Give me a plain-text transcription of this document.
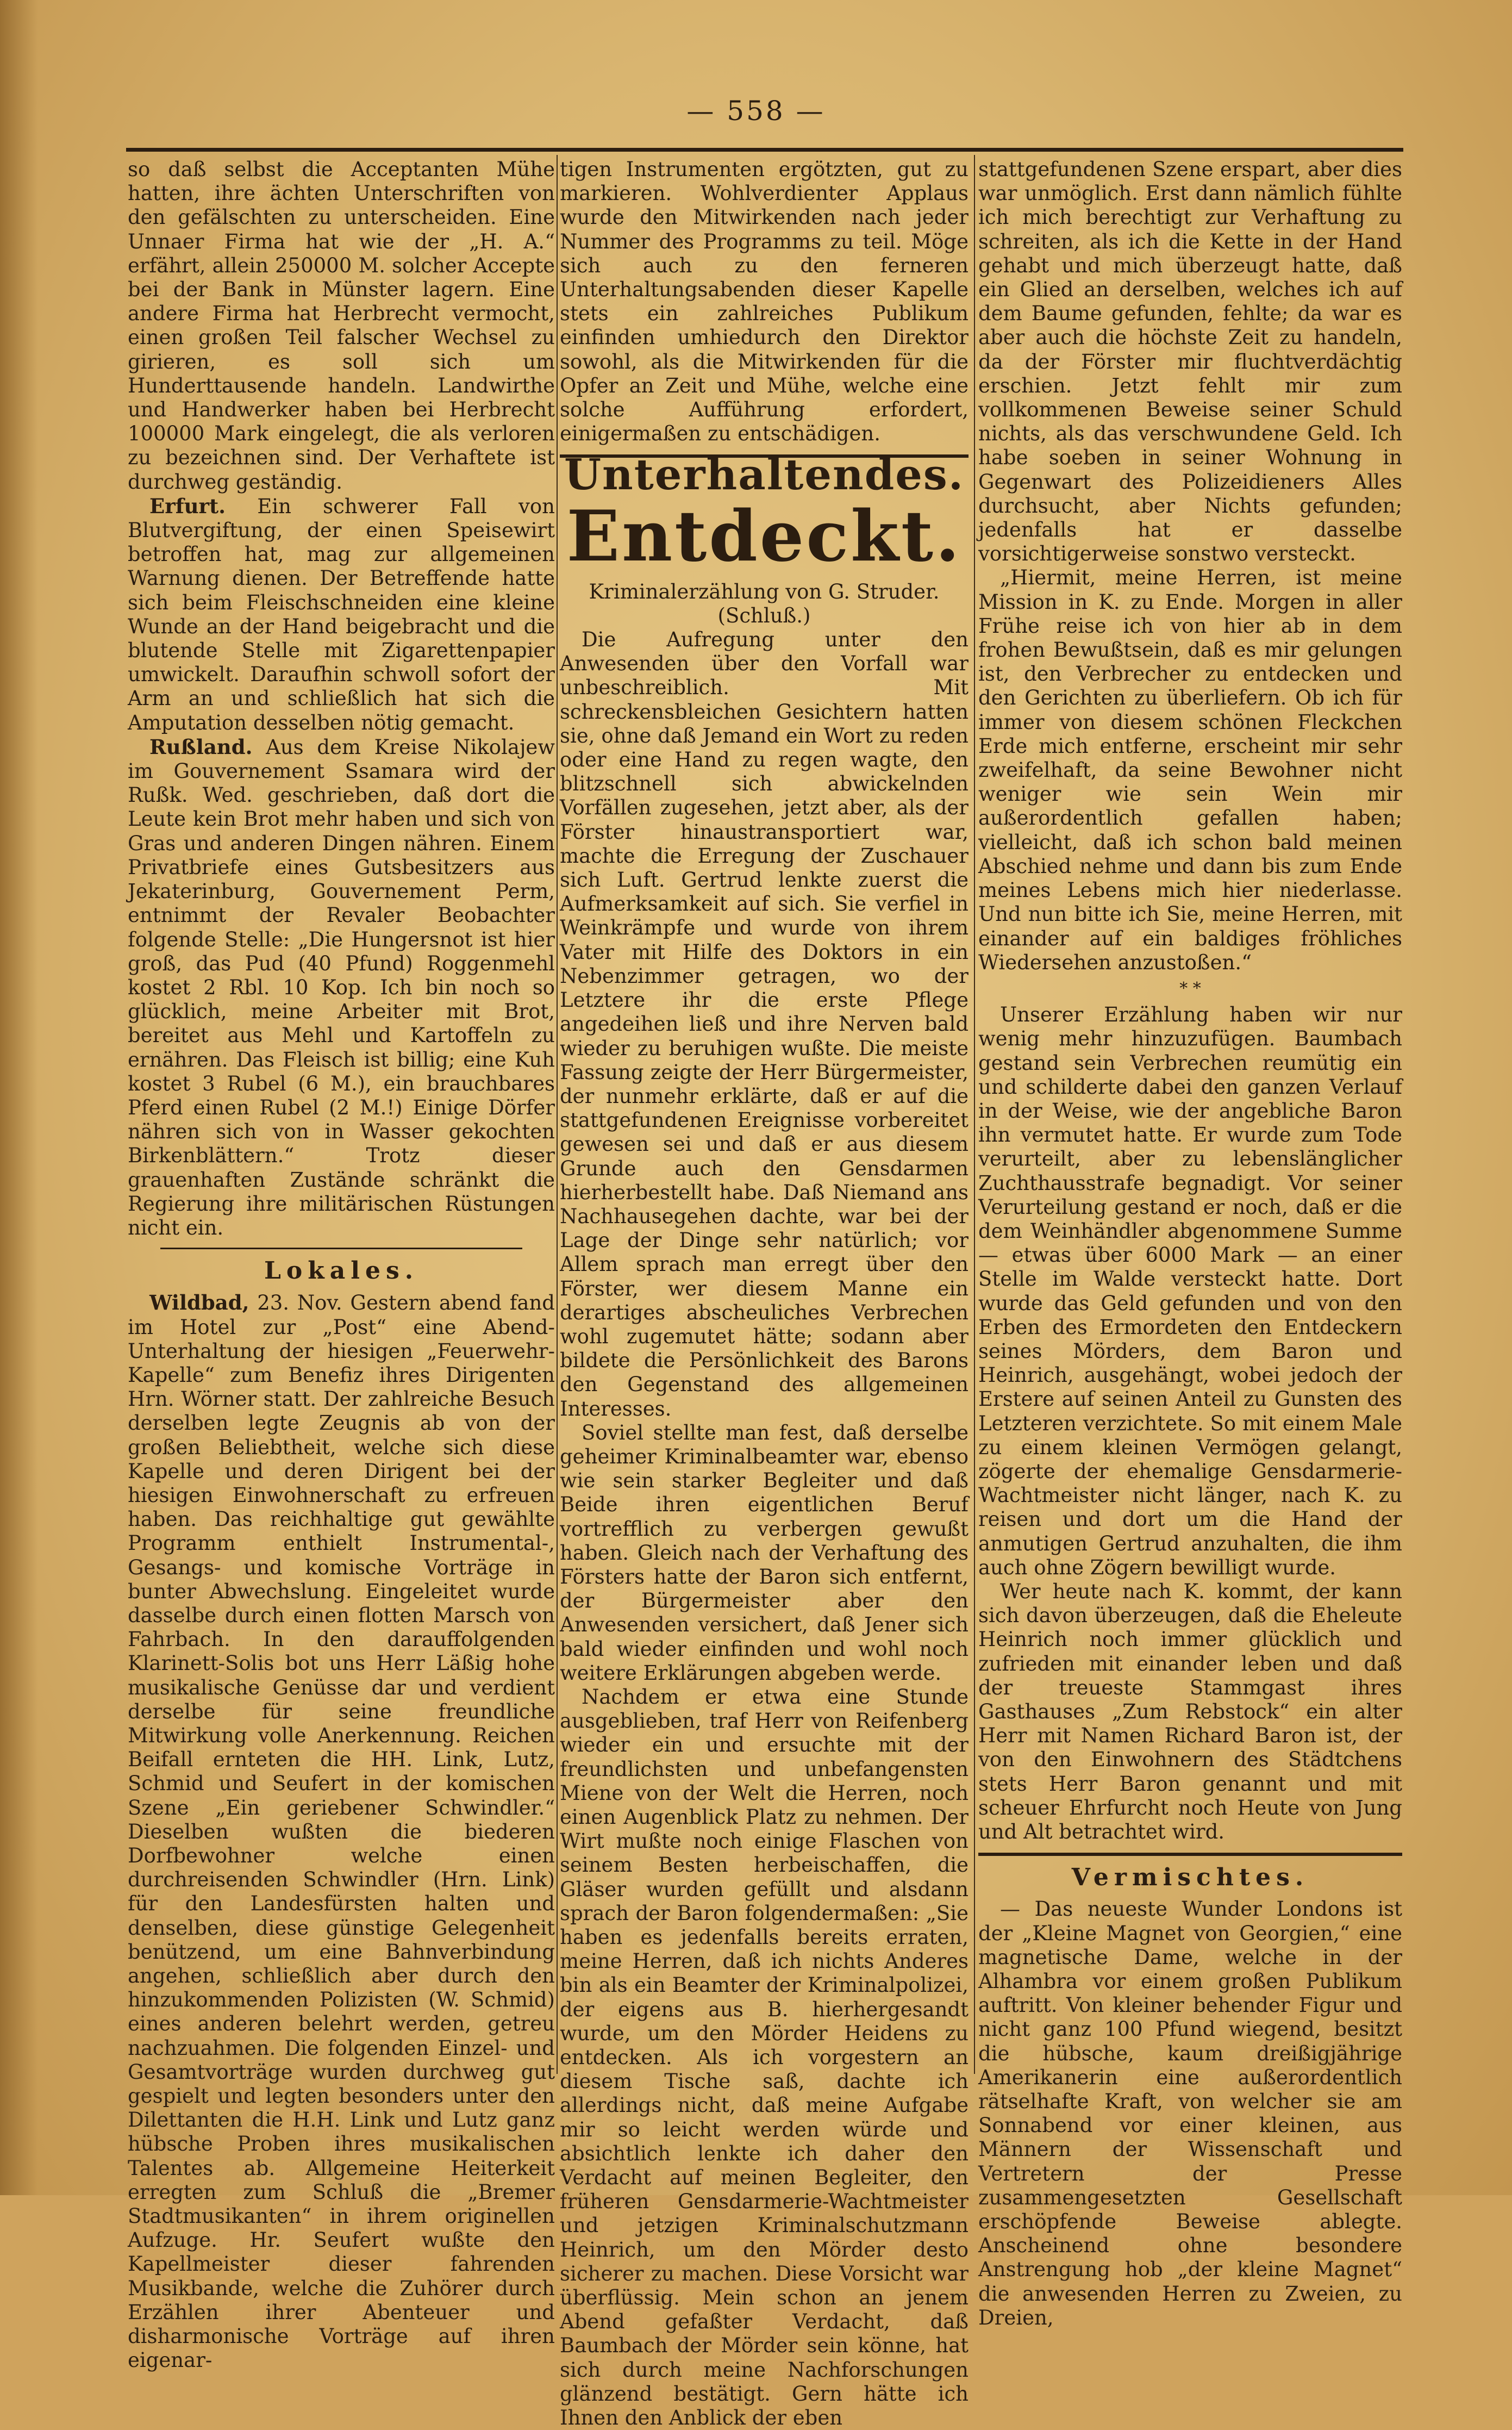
— 558 —

so daß selbst die Acceptanten Mühe hatten, ihre ächten Unterschriften von den gefälschten zu unterscheiden. Eine Unnaer Firma hat wie der „H. A.“ erfährt, allein 250000 M. solcher Accepte bei der Bank in Münster lagern. Eine andere Firma hat Herbrecht vermocht, einen großen Teil falscher Wechsel zu girieren, es soll sich um Hunderttausende handeln. Landwirthe und Handwerker haben bei Herbrecht 100000 Mark eingelegt, die als verloren zu bezeichnen sind. Der Verhaftete ist durchweg geständig.

Erfurt. Ein schwerer Fall von Blutvergiftung, der einen Speisewirt betroffen hat, mag zur allgemeinen Warnung dienen. Der Betreffende hatte sich beim Fleischschneiden eine kleine Wunde an der Hand beigebracht und die blutende Stelle mit Zigarettenpapier umwickelt. Daraufhin schwoll sofort der Arm an und schließlich hat sich die Amputation desselben nötig gemacht.

Rußland. Aus dem Kreise Nikolajew im Gouvernement Ssamara wird der Rußk. Wed. geschrieben, daß dort die Leute kein Brot mehr haben und sich von Gras und anderen Dingen nähren. Einem Privatbriefe eines Gutsbesitzers aus Jekaterinburg, Gouvernement Perm, entnimmt der Revaler Beobachter folgende Stelle: „Die Hungersnot ist hier groß, das Pud (40 Pfund) Roggenmehl kostet 2 Rbl. 10 Kop. Ich bin noch so glücklich, meine Arbeiter mit Brot, bereitet aus Mehl und Kartoffeln zu ernähren. Das Fleisch ist billig; eine Kuh kostet 3 Rubel (6 M.), ein brauchbares Pferd einen Rubel (2 M.!) Einige Dörfer nähren sich von in Wasser gekochten Birkenblättern.“ Trotz dieser grauenhaften Zustände schränkt die Regierung ihre militärischen Rüstungen nicht ein.

Lokales.

Wildbad, 23. Nov. Gestern abend fand im Hotel zur „Post“ eine Abend-Unterhaltung der hiesigen „Feuerwehr-Kapelle“ zum Benefiz ihres Dirigenten Hrn. Wörner statt. Der zahlreiche Besuch derselben legte Zeugnis ab von der großen Beliebtheit, welche sich diese Kapelle und deren Dirigent bei der hiesigen Einwohnerschaft zu erfreuen haben. Das reichhaltige gut gewählte Programm enthielt Instrumental-, Gesangs- und komische Vorträge in bunter Abwechslung. Eingeleitet wurde dasselbe durch einen flotten Marsch von Fahrbach. In den darauffolgenden Klarinett-Solis bot uns Herr Läßig hohe musikalische Genüsse dar und verdient derselbe für seine freundliche Mitwirkung volle Anerkennung. Reichen Beifall ernteten die HH. Link, Lutz, Schmid und Seufert in der komischen Szene „Ein geriebener Schwindler.“ Dieselben wußten die biederen Dorfbewohner welche einen durchreisenden Schwindler (Hrn. Link) für den Landesfürsten halten und denselben, diese günstige Gelegenheit benützend, um eine Bahnverbindung angehen, schließlich aber durch den hinzukommenden Polizisten (W. Schmid) eines anderen belehrt werden, getreu nachzuahmen. Die folgenden Einzel- und Gesamtvorträge wurden durchweg gut gespielt und legten besonders unter den Dilettanten die H.H. Link und Lutz ganz hübsche Proben ihres musikalischen Talentes ab. Allgemeine Heiterkeit erregten zum Schluß die „Bremer Stadtmusikanten“ in ihrem originellen Aufzuge. Hr. Seufert wußte den Kapellmeister dieser fahrenden Musikbande, welche die Zuhörer durch Erzählen ihrer Abenteuer und disharmonische Vorträge auf ihren eigenar-

tigen Instrumenten ergötzten, gut zu markieren. Wohlverdienter Applaus wurde den Mitwirkenden nach jeder Nummer des Programms zu teil. Möge sich auch zu den ferneren Unterhaltungsabenden dieser Kapelle stets ein zahlreiches Publikum einfinden umhiedurch den Direktor sowohl, als die Mitwirkenden für die Opfer an Zeit und Mühe, welche eine solche Aufführung erfordert, einigermaßen zu entschädigen.

Unterhaltendes.
Entdeckt.

Kriminalerzählung von G. Struder.

(Schluß.)

Die Aufregung unter den Anwesenden über den Vorfall war unbeschreiblich. Mit schreckensbleichen Gesichtern hatten sie, ohne daß Jemand ein Wort zu reden oder eine Hand zu regen wagte, den blitzschnell sich abwickelnden Vorfällen zugesehen, jetzt aber, als der Förster hinaustransportiert war, machte die Erregung der Zuschauer sich Luft. Gertrud lenkte zuerst die Aufmerksamkeit auf sich. Sie verfiel in Weinkrämpfe und wurde von ihrem Vater mit Hilfe des Doktors in ein Nebenzimmer getragen, wo der Letztere ihr die erste Pflege angedeihen ließ und ihre Nerven bald wieder zu beruhigen wußte. Die meiste Fassung zeigte der Herr Bürgermeister, der nunmehr erklärte, daß er auf die stattgefundenen Ereignisse vorbereitet gewesen sei und daß er aus diesem Grunde auch den Gensdarmen hierherbestellt habe. Daß Niemand ans Nachhausegehen dachte, war bei der Lage der Dinge sehr natürlich; vor Allem sprach man erregt über den Förster, wer diesem Manne ein derartiges abscheuliches Verbrechen wohl zugemutet hätte; sodann aber bildete die Persönlichkeit des Barons den Gegenstand des allgemeinen Interesses.

Soviel stellte man fest, daß derselbe geheimer Kriminalbeamter war, ebenso wie sein starker Begleiter und daß Beide ihren eigentlichen Beruf vortrefflich zu verbergen gewußt haben. Gleich nach der Verhaftung des Försters hatte der Baron sich entfernt, der Bürgermeister aber den Anwesenden versichert, daß Jener sich bald wieder einfinden und wohl noch weitere Erklärungen abgeben werde.

Nachdem er etwa eine Stunde ausgeblieben, traf Herr von Reifenberg wieder ein und ersuchte mit der freundlichsten und unbefangensten Miene von der Welt die Herren, noch einen Augenblick Platz zu nehmen. Der Wirt mußte noch einige Flaschen von seinem Besten herbeischaffen, die Gläser wurden gefüllt und alsdann sprach der Baron folgendermaßen: „Sie haben es jedenfalls bereits erraten, meine Herren, daß ich nichts Anderes bin als ein Beamter der Kriminalpolizei, der eigens aus B. hierhergesandt wurde, um den Mörder Heidens zu entdecken. Als ich vorgestern an diesem Tische saß, dachte ich allerdings nicht, daß meine Aufgabe mir so leicht werden würde und absichtlich lenkte ich daher den Verdacht auf meinen Begleiter, den früheren Gensdarmerie-Wachtmeister und jetzigen Kriminalschutzmann Heinrich, um den Mörder desto sicherer zu machen. Diese Vorsicht war überflüssig. Mein schon an jenem Abend gefaßter Verdacht, daß Baumbach der Mörder sein könne, hat sich durch meine Nachforschungen glänzend bestätigt. Gern hätte ich Ihnen den Anblick der eben

stattgefundenen Szene erspart, aber dies war unmöglich. Erst dann nämlich fühlte ich mich berechtigt zur Verhaftung zu schreiten, als ich die Kette in der Hand gehabt und mich überzeugt hatte, daß ein Glied an derselben, welches ich auf dem Baume gefunden, fehlte; da war es aber auch die höchste Zeit zu handeln, da der Förster mir fluchtverdächtig erschien. Jetzt fehlt mir zum vollkommenen Beweise seiner Schuld nichts, als das verschwundene Geld. Ich habe soeben in seiner Wohnung in Gegenwart des Polizeidieners Alles durchsucht, aber Nichts gefunden; jedenfalls hat er dasselbe vorsichtigerweise sonstwo versteckt.

„Hiermit, meine Herren, ist meine Mission in K. zu Ende. Morgen in aller Frühe reise ich von hier ab in dem frohen Bewußtsein, daß es mir gelungen ist, den Verbrecher zu entdecken und den Gerichten zu überliefern. Ob ich für immer von diesem schönen Fleckchen Erde mich entferne, erscheint mir sehr zweifelhaft, da seine Bewohner nicht weniger wie sein Wein mir außerordentlich gefallen haben; vielleicht, daß ich schon bald meinen Abschied nehme und dann bis zum Ende meines Lebens mich hier niederlasse. Und nun bitte ich Sie, meine Herren, mit einander auf ein baldiges fröhliches Wiedersehen anzustoßen.“

* *

Unserer Erzählung haben wir nur wenig mehr hinzuzufügen. Baumbach gestand sein Verbrechen reumütig ein und schilderte dabei den ganzen Verlauf in der Weise, wie der angebliche Baron ihn vermutet hatte. Er wurde zum Tode verurteilt, aber zu lebenslänglicher Zuchthausstrafe begnadigt. Vor seiner Verurteilung gestand er noch, daß er die dem Weinhändler abgenommene Summe — etwas über 6000 Mark — an einer Stelle im Walde versteckt hatte. Dort wurde das Geld gefunden und von den Erben des Ermordeten den Entdeckern seines Mörders, dem Baron und Heinrich, ausgehängt, wobei jedoch der Erstere auf seinen Anteil zu Gunsten des Letzteren verzichtete. So mit einem Male zu einem kleinen Vermögen gelangt, zögerte der ehemalige Gensdarmerie-Wachtmeister nicht länger, nach K. zu reisen und dort um die Hand der anmutigen Gertrud anzuhalten, die ihm auch ohne Zögern bewilligt wurde.

Wer heute nach K. kommt, der kann sich davon überzeugen, daß die Eheleute Heinrich noch immer glücklich und zufrieden mit einander leben und daß der treueste Stammgast ihres Gasthauses „Zum Rebstock“ ein alter Herr mit Namen Richard Baron ist, der von den Einwohnern des Städtchens stets Herr Baron genannt und mit scheuer Ehrfurcht noch Heute von Jung und Alt betrachtet wird.

Vermischtes.

— Das neueste Wunder Londons ist der „Kleine Magnet von Georgien,“ eine magnetische Dame, welche in der Alhambra vor einem großen Publikum auftritt. Von kleiner behender Figur und nicht ganz 100 Pfund wiegend, besitzt die hübsche, kaum dreißigjährige Amerikanerin eine außerordentlich rätselhafte Kraft, von welcher sie am Sonnabend vor einer kleinen, aus Männern der Wissenschaft und Vertretern der Presse zusammengesetzten Gesellschaft erschöpfende Beweise ablegte. Anscheinend ohne besondere Anstrengung hob „der kleine Magnet“ die anwesenden Herren zu Zweien, zu Dreien,
